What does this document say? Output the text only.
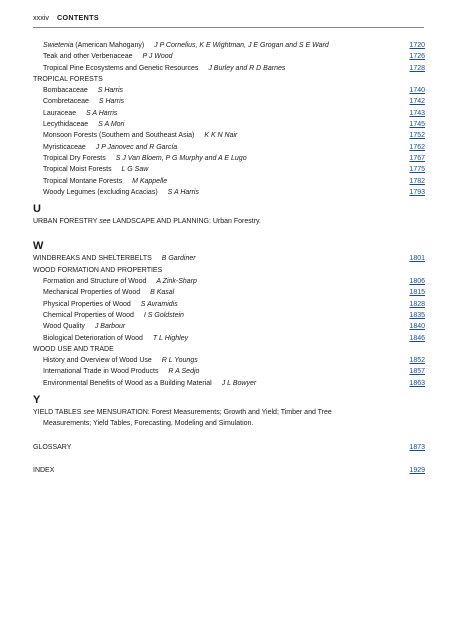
xxxiv CONTENTS
Swietenia (American Mahogany) J P Cornelius, K E Wightman, J E Grogan and S E Ward	1720
Teak and other Verbenaceae P J Wood	1726
Tropical Pine Ecosystems and Genetic Resources J Burley and R D Barnes	1728
TROPICAL FORESTS
Bombacaceae S Harris	1740
Combretaceae S Harris	1742
Lauraceae S A Harris	1743
Lecythidaceae S A Mori	1745
Monsoon Forests (Southern and Southeast Asia) K K N Nair	1752
Myristicaceae J P Janovec and R García	1762
Tropical Dry Forests S J Van Bloem, P G Murphy and A E Lugo	1767
Tropical Moist Forests L G Saw	1775
Tropical Montane Forests M Kappelle	1782
Woody Legumes (excluding Acacias) S A Harris	1793
U
URBAN FORESTRY see LANDSCAPE AND PLANNING: Urban Forestry.
W
WINDBREAKS AND SHELTERBELTS B Gardiner	1801
WOOD FORMATION AND PROPERTIES
Formation and Structure of Wood A Zink-Sharp	1806
Mechanical Properties of Wood B Kasal	1815
Physical Properties of Wood S Avramidis	1828
Chemical Properties of Wood I S Goldstein	1835
Wood Quality J Barbour	1840
Biological Deterioration of Wood T L Highley	1846
WOOD USE AND TRADE
History and Overview of Wood Use R L Youngs	1852
International Trade in Wood Products R A Sedjo	1857
Environmental Benefits of Wood as a Building Material J L Bowyer	1863
Y
YIELD TABLES see MENSURATION: Forest Measurements; Growth and Yield; Timber and Tree
Measurements; Yield Tables, Forecasting, Modeling and Simulation.
GLOSSARY	1873
INDEX	1929
